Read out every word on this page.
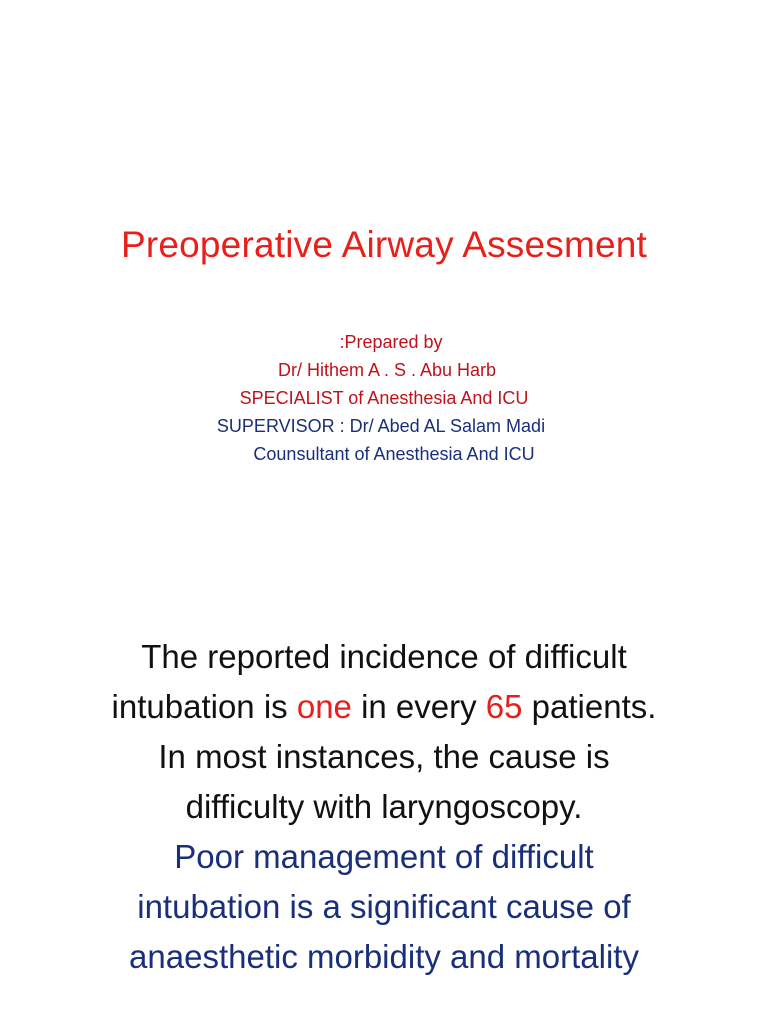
Preoperative Airway Assesment
:Prepared by
Dr/ Hithem A . S . Abu Harb
SPECIALIST of Anesthesia And ICU
SUPERVISOR : Dr/ Abed AL Salam Madi
Counsultant of Anesthesia And ICU
The reported incidence of difficult
intubation is one in every 65 patients.
In most instances, the cause is
difficulty with laryngoscopy.
Poor management of difficult
intubation is a significant cause of
anaesthetic morbidity and mortality
